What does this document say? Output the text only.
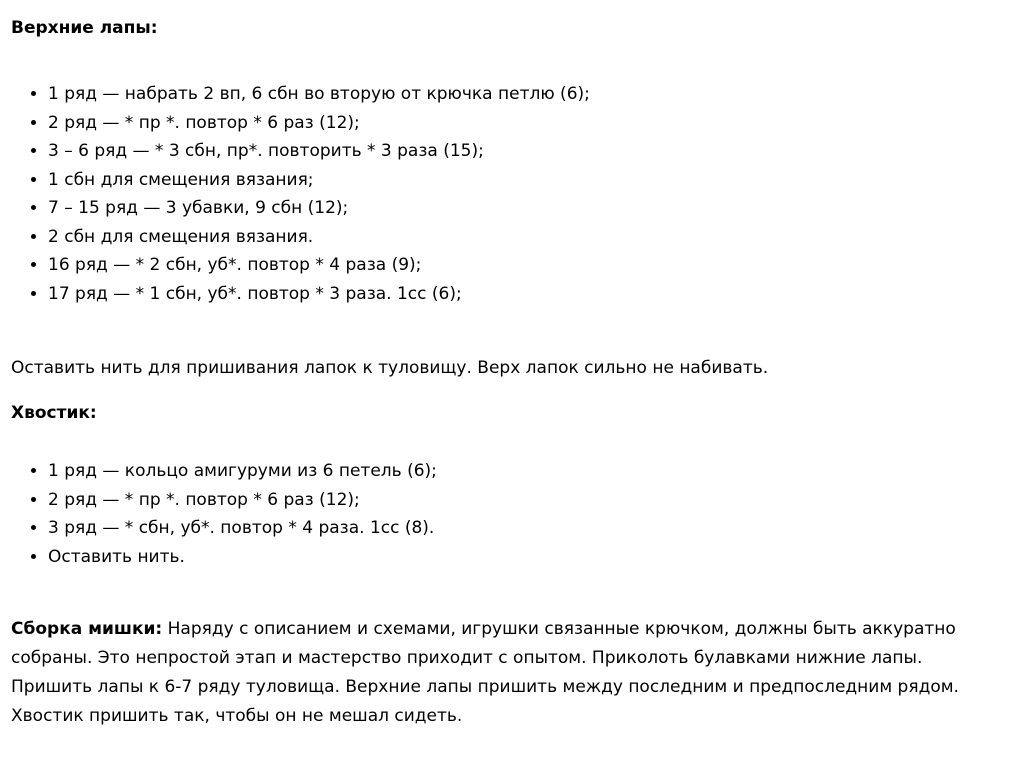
Верхние лапы:
• 1 ряд — набрать 2 вп, 6 сбн во вторую от крючка петлю (6);
• 2 ряд — * пр *. повтор * 6 раз (12);
• 3 – 6 ряд — * 3 сбн, пр*. повторить * 3 раза (15);
• 1 сбн для смещения вязания;
• 7 – 15 ряд — 3 убавки, 9 сбн (12);
• 2 сбн для смещения вязания.
• 16 ряд — * 2 сбн, уб*. повтор * 4 раза (9);
• 17 ряд — * 1 сбн, уб*. повтор * 3 раза. 1сс (6);

Оставить нить для пришивания лапок к туловищу. Верх лапок сильно не набивать.

Хвостик:
• 1 ряд — кольцо амигуруми из 6 петель (6);
• 2 ряд — * пр *. повтор * 6 раз (12);
• 3 ряд — * сбн, уб*. повтор * 4 раза. 1сс (8).
• Оставить нить.

Сборка мишки: Наряду с описанием и схемами, игрушки связанные крючком, должны быть аккуратно собраны. Это непростой этап и мастерство приходит с опытом. Приколоть булавками нижние лапы. Пришить лапы к 6-7 ряду туловища. Верхние лапы пришить между последним и предпоследним рядом. Хвостик пришить так, чтобы он не мешал сидеть.
